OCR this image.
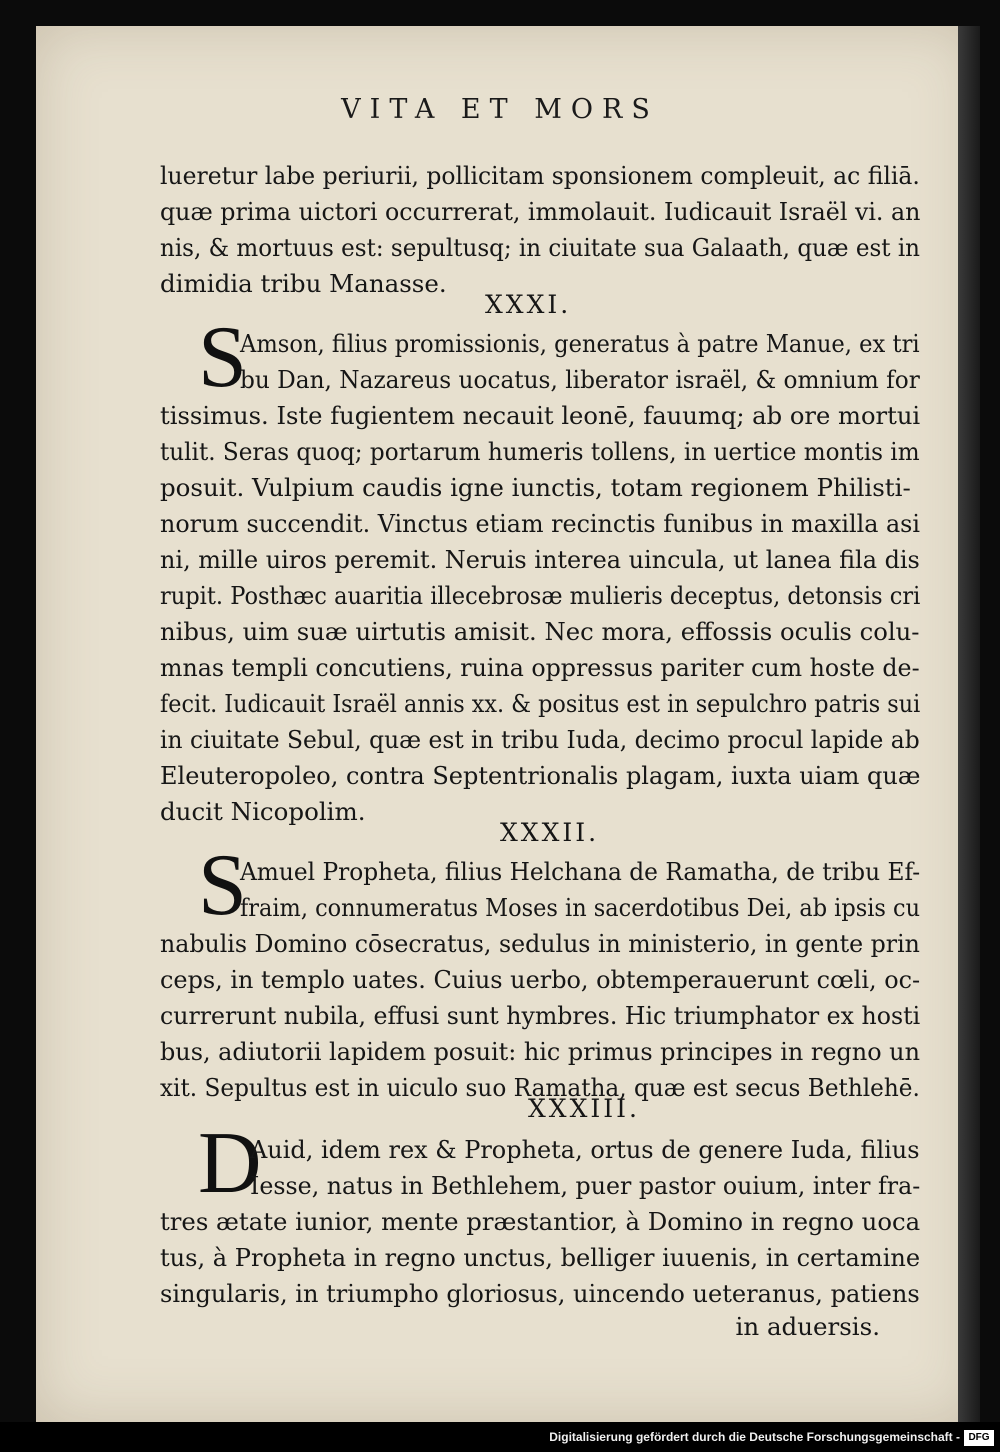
VITA ET MORS
lueretur labe periurii, pollicitam sponsionem compleuit, ac filiā.
quæ prima uictori occurrerat, immolauit. Iudicauit Israël vi. an
nis, & mortuus est: sepultusq; in ciuitate sua Galaath, quæ est in
dimidia tribu Manasse.
XXXI.
S
Amson, filius promissionis, generatus à patre Manue, ex tri
bu Dan, Nazareus uocatus, liberator israël, & omnium for
tissimus. Iste fugientem necauit leonē, fauumq; ab ore mortui
tulit. Seras quoq; portarum humeris tollens, in uertice montis im
posuit. Vulpium caudis igne iunctis, totam regionem Philisti-
norum succendit. Vinctus etiam recinctis funibus in maxilla asi
ni, mille uiros peremit. Neruis interea uincula, ut lanea fila dis
rupit. Posthæc auaritia illecebrosæ mulieris deceptus, detonsis cri
nibus, uim suæ uirtutis amisit. Nec mora, effossis oculis colu-
mnas templi concutiens, ruina oppressus pariter cum hoste de-
fecit. Iudicauit Israël annis xx. & positus est in sepulchro patris sui
in ciuitate Sebul, quæ est in tribu Iuda, decimo procul lapide ab
Eleuteropoleo, contra Septentrionalis plagam, iuxta uiam quæ
ducit Nicopolim.
XXXII.
S
Amuel Propheta, filius Helchana de Ramatha, de tribu Ef-
fraim, connumeratus Moses in sacerdotibus Dei, ab ipsis cu
nabulis Domino cōsecratus, sedulus in ministerio, in gente prin
ceps, in templo uates. Cuius uerbo, obtemperauerunt cœli, oc-
currerunt nubila, effusi sunt hymbres. Hic triumphator ex hosti
bus, adiutorii lapidem posuit: hic primus principes in regno un
xit. Sepultus est in uiculo suo Ramatha, quæ est secus Bethlehē.
XXXIII.
D
Auid, idem rex & Propheta, ortus de genere Iuda, filius
Iesse, natus in Bethlehem, puer pastor ouium, inter fra-
tres ætate iunior, mente præstantior, à Domino in regno uoca
tus, à Propheta in regno unctus, belliger iuuenis, in certamine
singularis, in triumpho gloriosus, uincendo ueteranus, patiens
in aduersis.
Digitalisierung gefördert durch die Deutsche Forschungsgemeinschaft - DFG
